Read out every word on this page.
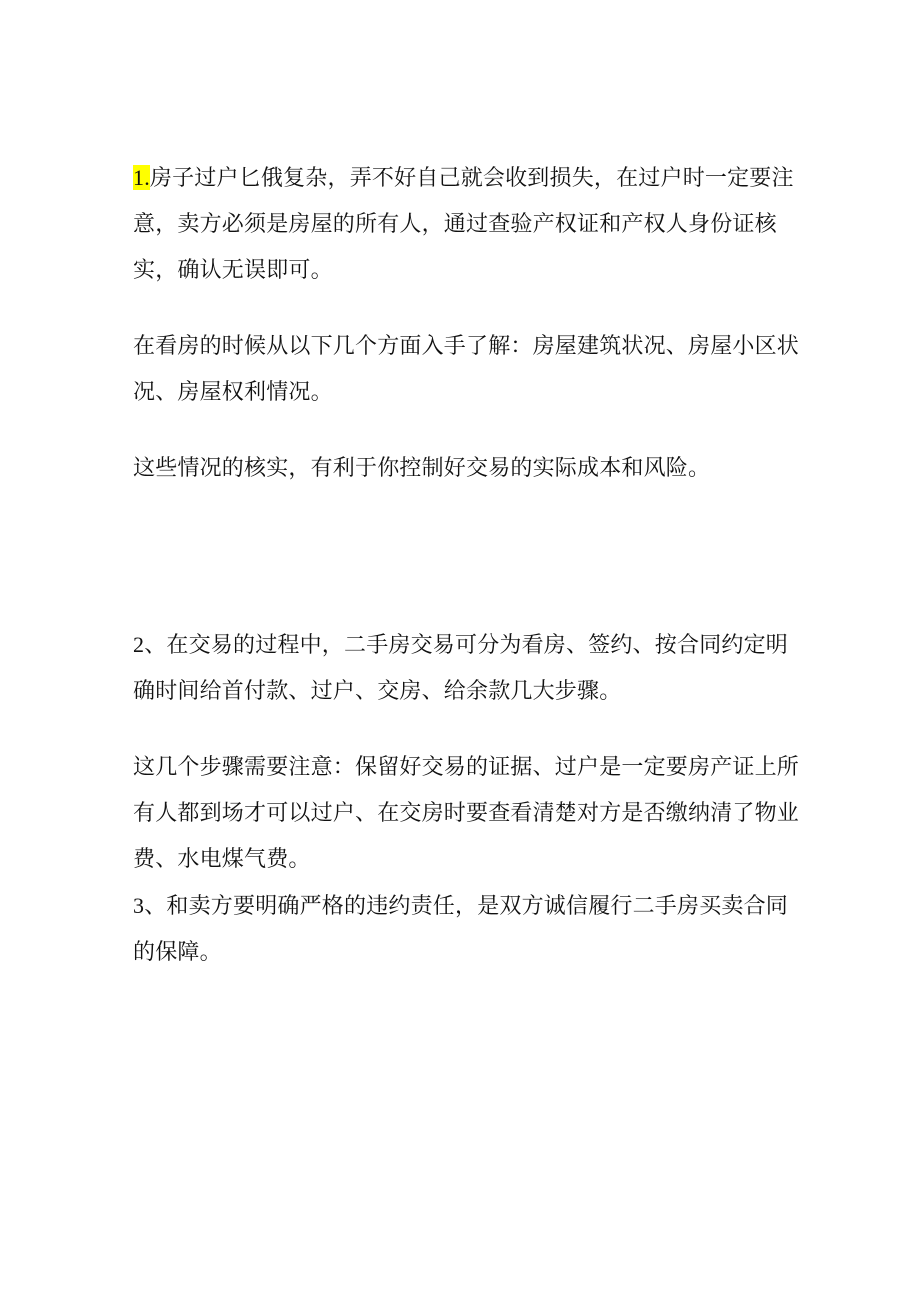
1.房子过户匕俄复杂，弄不好自己就会收到损失，在过户时一定要注意，卖方必须是房屋的所有人，通过查验产权证和产权人身份证核实，确认无误即可。

在看房的时候从以下几个方面入手了解：房屋建筑状况、房屋小区状况、房屋权利情况。

这些情况的核实，有利于你控制好交易的实际成本和风险。

2、在交易的过程中，二手房交易可分为看房、签约、按合同约定明确时间给首付款、过户、交房、给余款几大步骤。

这几个步骤需要注意：保留好交易的证据、过户是一定要房产证上所有人都到场才可以过户、在交房时要查看清楚对方是否缴纳清了物业费、水电煤气费。

3、和卖方要明确严格的违约责任，是双方诚信履行二手房买卖合同的保障。
